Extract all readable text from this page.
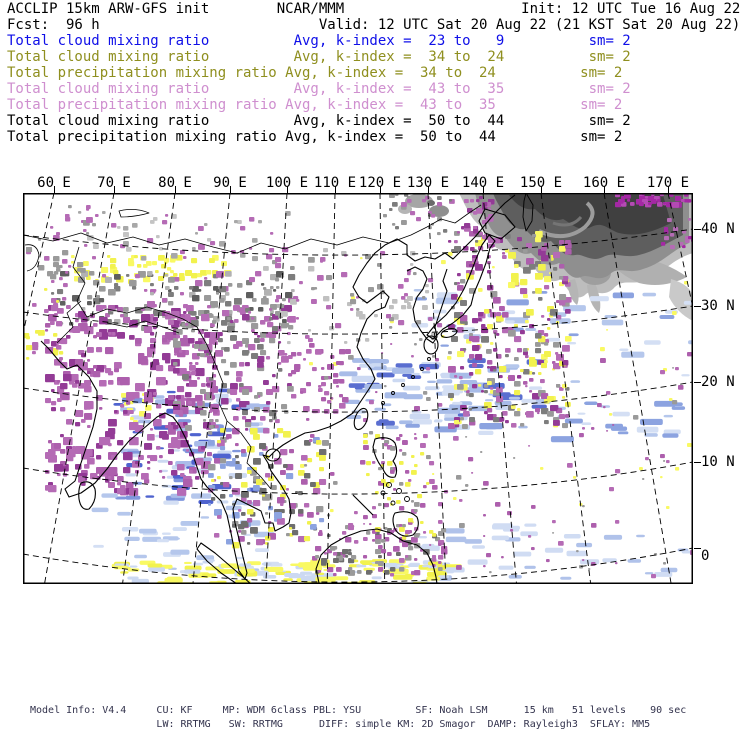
ACCLIP 15km ARW-GFS init        NCAR/MMM                     Init: 12 UTC Tue 16 Aug 22
Fcst:  96 h                          Valid: 12 UTC Sat 20 Aug 22 (21 KST Sat 20 Aug 22)
Total cloud mixing ratio          Avg, k-index =  23 to   9          sm= 2
Total cloud mixing ratio          Avg, k-index =  34 to  24          sm= 2
Total precipitation mixing ratio Avg, k-index =  34 to  24          sm= 2
Total cloud mixing ratio          Avg, k-index =  43 to  35          sm= 2
Total precipitation mixing ratio Avg, k-index =  43 to  35          sm= 2
Total cloud mixing ratio          Avg, k-index =  50 to  44          sm= 2
Total precipitation mixing ratio Avg, k-index =  50 to  44          sm= 2
60 E 70 E 80 E 90 E 100 E 110 E 120 E 130 E 140 E 150 E 160 E 170 E
40 N
30 N
20 N
10 N
0
Model Info: V4.4     CU: KF     MP: WDM 6class PBL: YSU         SF: Noah LSM      15 km   51 levels    90 sec
LW: RRTMG   SW: RRTMG      DIFF: simple KM: 2D Smagor  DAMP: Rayleigh3  SFLAY: MM5
